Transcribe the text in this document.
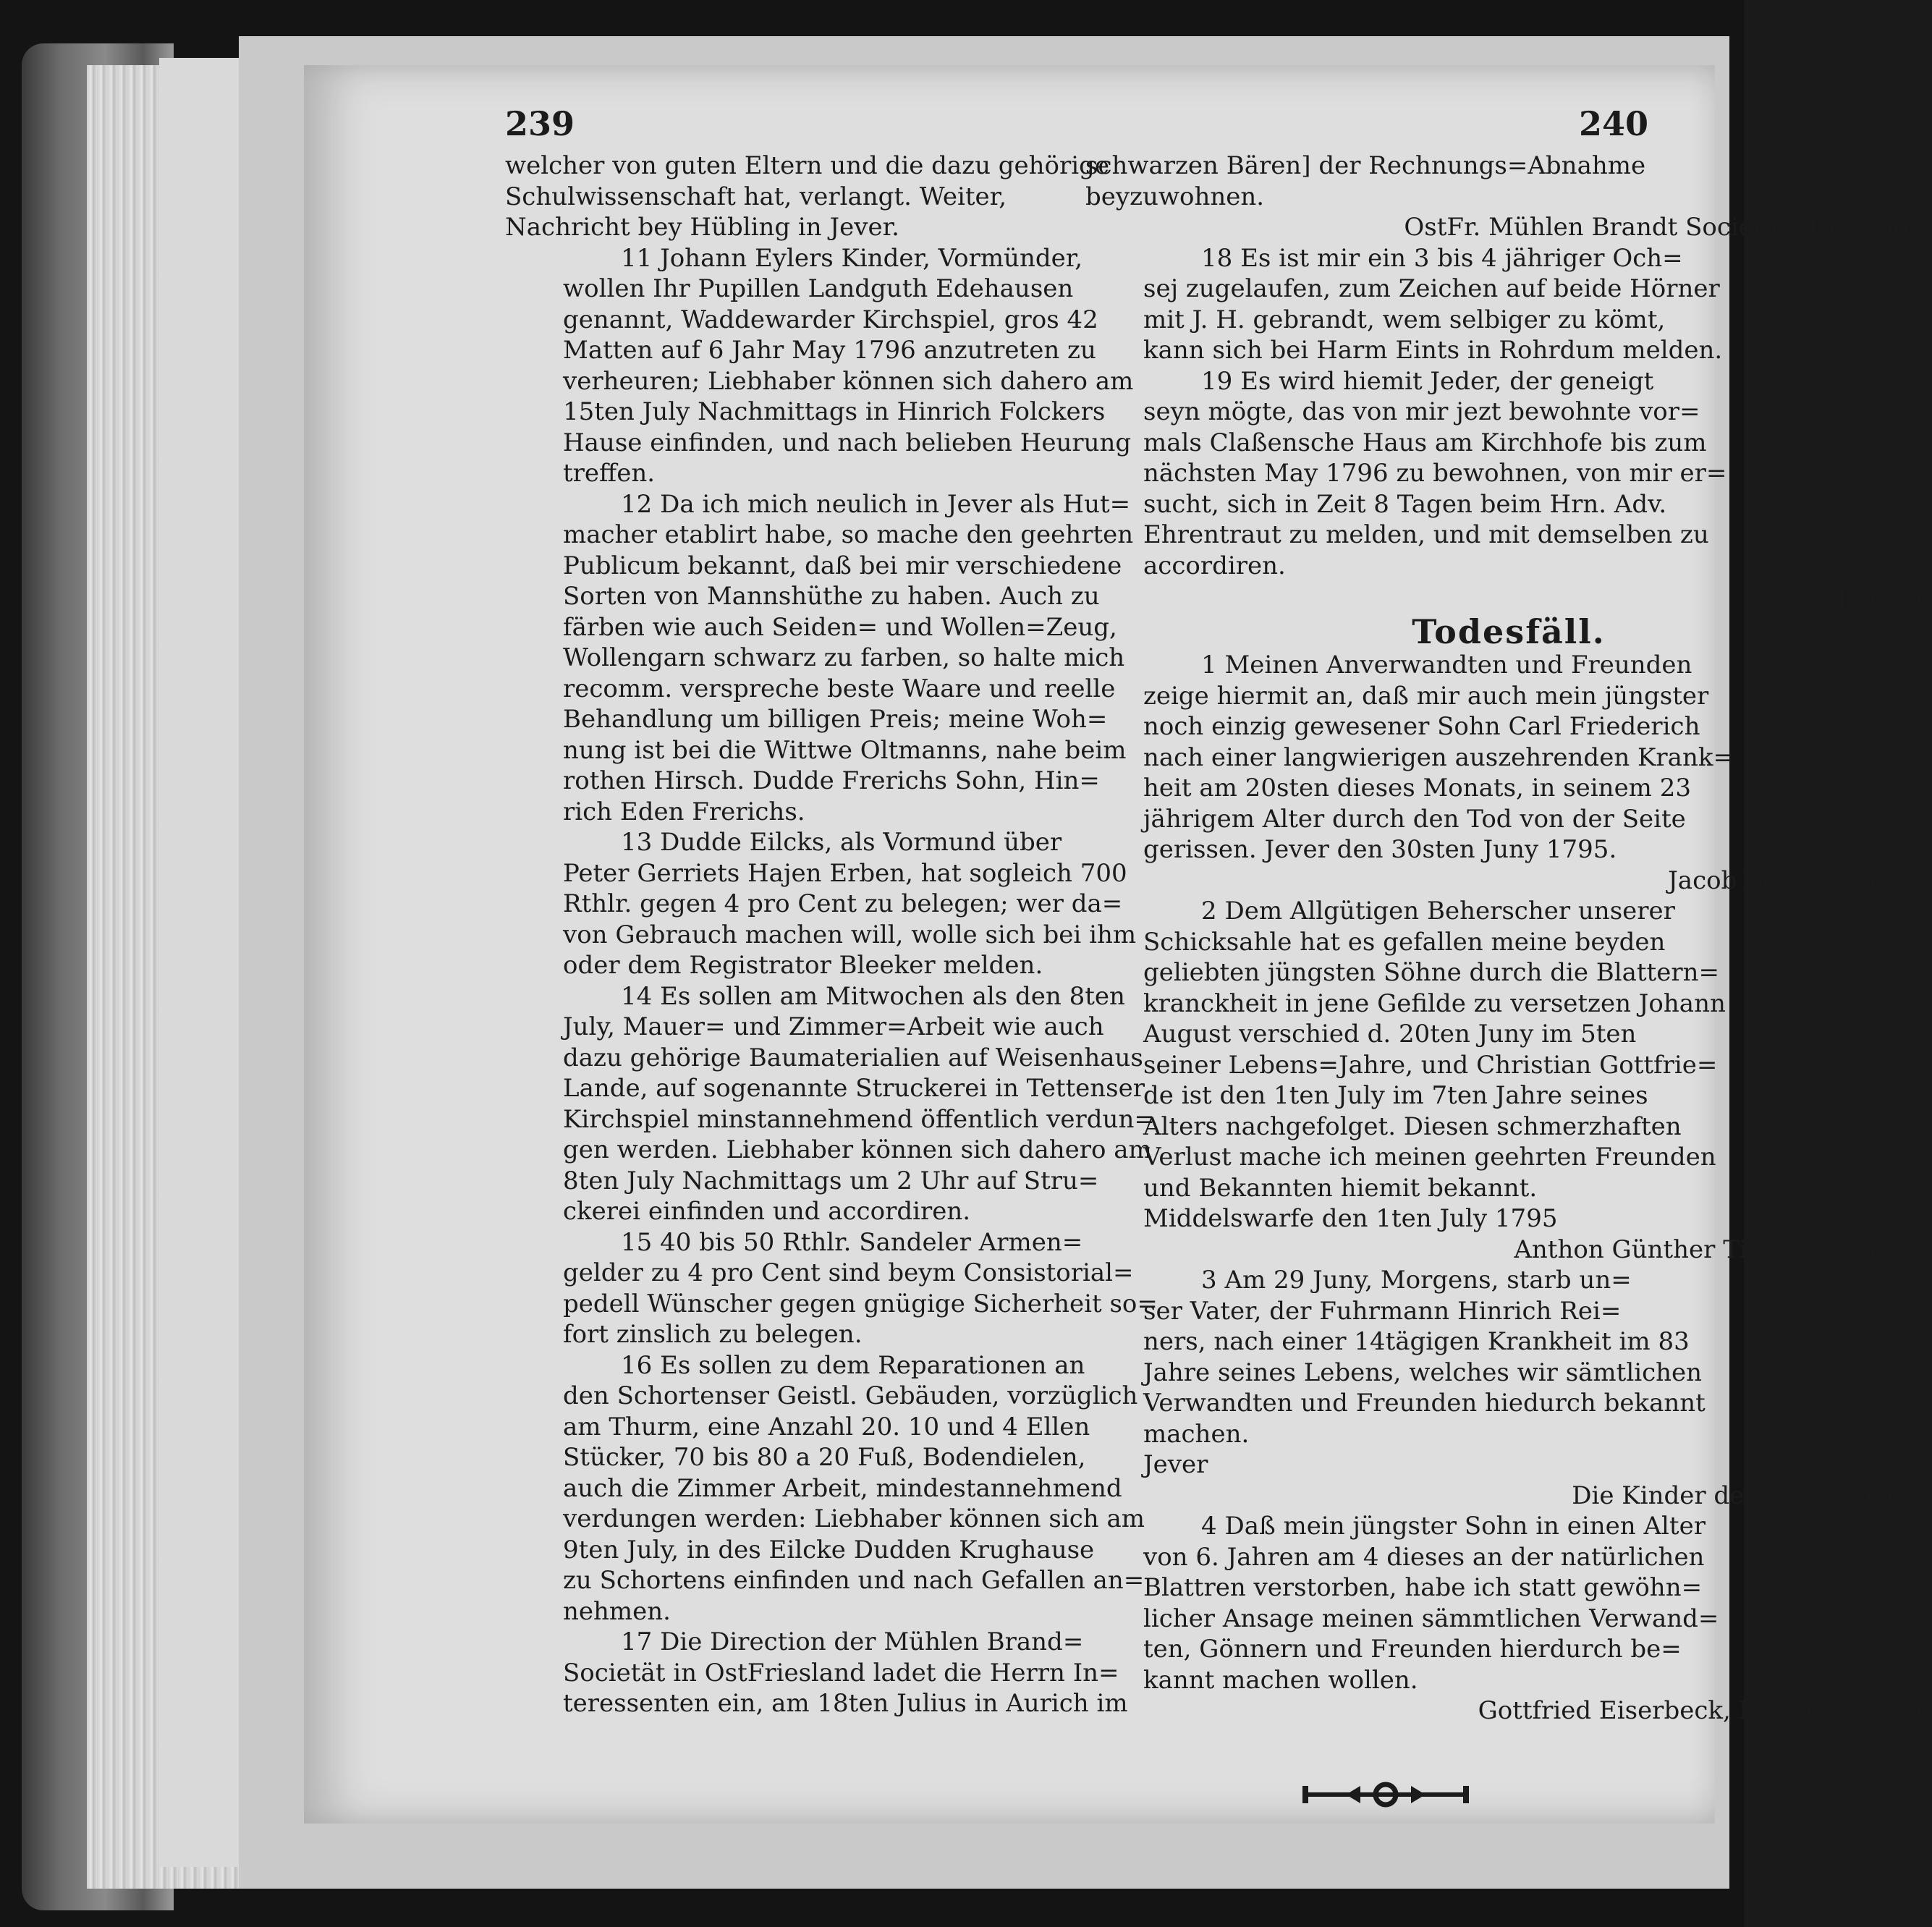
239	240
welcher von guten Eltern und die dazu gehörige
Schulwissenschaft hat, verlangt. Weiter,
Nachricht bey Hübling in Jever.
11 Johann Eylers Kinder, Vormünder,
wollen Ihr Pupillen Landguth Edehausen
genannt, Waddewarder Kirchspiel, gros 42
Matten auf 6 Jahr May 1796 anzutreten zu
verheuren; Liebhaber können sich dahero am
15ten July Nachmittags in Hinrich Folckers
Hause einfinden, und nach belieben Heurung
treffen.
12 Da ich mich neulich in Jever als Hut=
macher etablirt habe, so mache den geehrten
Publicum bekannt, daß bei mir verschiedene
Sorten von Mannshüthe zu haben. Auch zu
färben wie auch Seiden= und Wollen=Zeug,
Wollengarn schwarz zu farben, so halte mich
recomm. verspreche beste Waare und reelle
Behandlung um billigen Preis; meine Woh=
nung ist bei die Wittwe Oltmanns, nahe beim
rothen Hirsch. Dudde Frerichs Sohn, Hin=
rich Eden Frerichs.
13 Dudde Eilcks, als Vormund über
Peter Gerriets Hajen Erben, hat sogleich 700
Rthlr. gegen 4 pro Cent zu belegen; wer da=
von Gebrauch machen will, wolle sich bei ihm
oder dem Registrator Bleeker melden.
14 Es sollen am Mitwochen als den 8ten
July, Mauer= und Zimmer=Arbeit wie auch
dazu gehörige Baumaterialien auf Weisenhaus
Lande, auf sogenannte Struckerei in Tettenser
Kirchspiel minstannehmend öffentlich verdun=
gen werden. Liebhaber können sich dahero am
8ten July Nachmittags um 2 Uhr auf Stru=
ckerei einfinden und accordiren.
15 40 bis 50 Rthlr. Sandeler Armen=
gelder zu 4 pro Cent sind beym Consistorial=
pedell Wünscher gegen gnügige Sicherheit so=
fort zinslich zu belegen.
16 Es sollen zu dem Reparationen an
den Schortenser Geistl. Gebäuden, vorzüglich
am Thurm, eine Anzahl 20. 10 und 4 Ellen
Stücker, 70 bis 80 a 20 Fuß, Bodendielen,
auch die Zimmer Arbeit, mindestannehmend
verdungen werden: Liebhaber können sich am
9ten July, in des Eilcke Dudden Krughause
zu Schortens einfinden und nach Gefallen an=
nehmen.
17 Die Direction der Mühlen Brand=
Societät in OstFriesland ladet die Herrn In=
teressenten ein, am 18ten Julius in Aurich im
schwarzen Bären] der Rechnungs=Abnahme
beyzuwohnen.
OstFr. Mühlen Brandt Societäts Direction.
18 Es ist mir ein 3 bis 4 jähriger Och=
sej zugelaufen, zum Zeichen auf beide Hörner
mit J. H. gebrandt, wem selbiger zu kömt,
kann sich bei Harm Eints in Rohrdum melden.
19 Es wird hiemit Jeder, der geneigt
seyn mögte, das von mir jezt bewohnte vor=
mals Claßensche Haus am Kirchhofe bis zum
nächsten May 1796 zu bewohnen, von mir er=
sucht, sich in Zeit 8 Tagen beim Hrn. Adv.
Ehrentraut zu melden, und mit demselben zu
accordiren.
Jaumar.
Todesfäll.
1 Meinen Anverwandten und Freunden
zeige hiermit an, daß mir auch mein jüngster
noch einzig gewesener Sohn Carl Friederich
nach einer langwierigen auszehrenden Krank=
heit am 20sten dieses Monats, in seinem 23
jährigem Alter durch den Tod von der Seite
gerissen. Jever den 30sten Juny 1795.
Jacob Beisen Wittwe.
2 Dem Allgütigen Beherscher unserer
Schicksahle hat es gefallen meine beyden
geliebten jüngsten Söhne durch die Blattern=
kranckheit in jene Gefilde zu versetzen Johann
August verschied d. 20ten Juny im 5ten
seiner Lebens=Jahre, und Christian Gottfrie=
de ist den 1ten July im 7ten Jahre seines
Alters nachgefolget. Diesen schmerzhaften
Verlust mache ich meinen geehrten Freunden
und Bekannten hiemit bekannt.
Middelswarfe den 1ten July 1795
Anthon Günther Tiemens Wittwe.
3 Am 29 Juny, Morgens, starb un=
ser Vater, der Fuhrmann Hinrich Rei=
ners, nach einer 14tägigen Krankheit im 83
Jahre seines Lebens, welches wir sämtlichen
Verwandten und Freunden hiedurch bekannt
machen.
Jever
Die Kinder des Verstorbenen
4 Daß mein jüngster Sohn in einen Alter
von 6. Jahren am 4 dieses an der natürlichen
Blattren verstorben, habe ich statt gewöhn=
licher Ansage meinen sämmtlichen Verwand=
ten, Gönnern und Freunden hierdurch be=
kannt machen wollen.
Gottfried Eiserbeck, Maurermeister.
